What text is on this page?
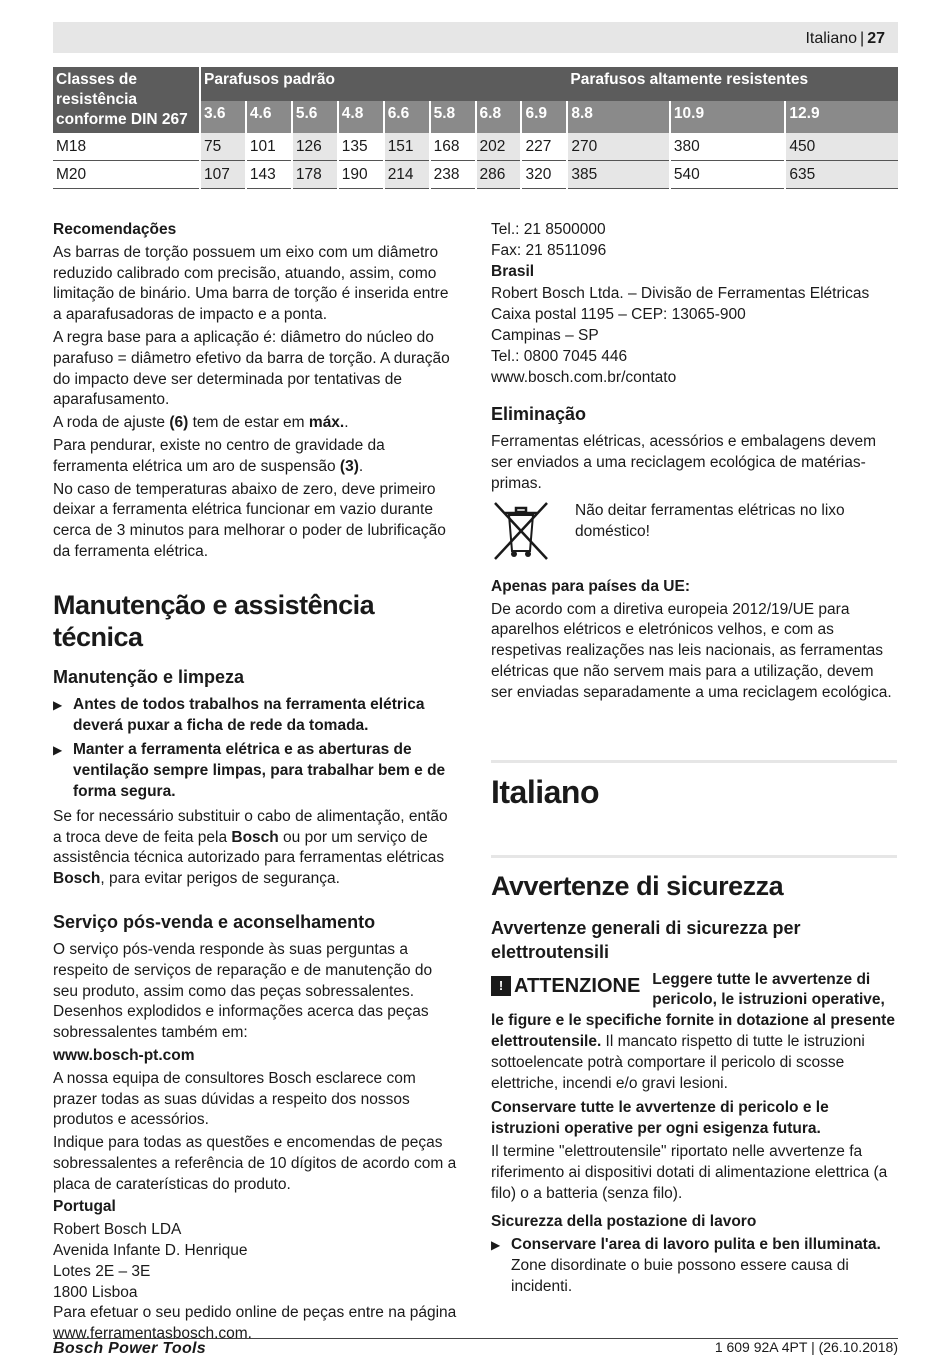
Italiano | 27
Classes de resistência conforme DIN 267	Parafusos padrão								Parafusos altamente resistentes		
	3.6	4.6	5.6	4.8	6.6	5.8	6.8	6.9	8.8	10.9	12.9
M18	75	101	126	135	151	168	202	227	270	380	450
M20	107	143	178	190	214	238	286	320	385	540	635

Recomendações

As barras de torção possuem um eixo com um diâmetro reduzido calibrado com precisão, atuando, assim, como limitação de binário. Uma barra de torção é inserida entre a aparafusadoras de impacto e a ponta.

A regra base para a aplicação é: diâmetro do núcleo do parafuso = diâmetro efetivo da barra de torção. A duração do impacto deve ser determinada por tentativas de aparafusamento.

A roda de ajuste (6) tem de estar em máx..

Para pendurar, existe no centro de gravidade da ferramenta elétrica um aro de suspensão (3).

No caso de temperaturas abaixo de zero, deve primeiro deixar a ferramenta elétrica funcionar em vazio durante cerca de 3 minutos para melhorar o poder de lubrificação da ferramenta elétrica.

Manutenção e assistência técnica
Manutenção e limpeza
▶ Antes de todos trabalhos na ferramenta elétrica deverá puxar a ficha de rede da tomada.
▶ Manter a ferramenta elétrica e as aberturas de ventilação sempre limpas, para trabalhar bem e de forma segura.

Se for necessário substituir o cabo de alimentação, então a troca deve de feita pela Bosch ou por um serviço de assistência técnica autorizado para ferramentas elétricas Bosch, para evitar perigos de segurança.

Serviço pós-venda e aconselhamento

O serviço pós-venda responde às suas perguntas a respeito de serviços de reparação e de manutenção do seu produto, assim como das peças sobressalentes. Desenhos explodidos e informações acerca das peças sobressalentes também em:

www.bosch-pt.com

A nossa equipa de consultores Bosch esclarece com prazer todas as suas dúvidas a respeito dos nossos produtos e acessórios.

Indique para todas as questões e encomendas de peças sobressalentes a referência de 10 dígitos de acordo com a placa de caraterísticas do produto.

Portugal

Robert Bosch LDA
Avenida Infante D. Henrique
Lotes 2E – 3E
1800 Lisboa
Para efetuar o seu pedido online de peças entre na página www.ferramentasbosch.com.
Tel.: 21 8500000
Fax: 21 8511096

Brasil

Robert Bosch Ltda. – Divisão de Ferramentas Elétricas
Caixa postal 1195 – CEP: 13065-900
Campinas – SP
Tel.: 0800 7045 446
www.bosch.com.br/contato
Eliminação

Ferramentas elétricas, acessórios e embalagens devem ser enviados a uma reciclagem ecológica de matérias-primas.

Não deitar ferramentas elétricas no lixo doméstico!

Apenas para países da UE:

De acordo com a diretiva europeia 2012/19/UE para aparelhos elétricos e eletrónicos velhos, e com as respetivas realizações nas leis nacionais, as ferramentas elétricas que não servem mais para a utilização, devem ser enviadas separadamente a uma reciclagem ecológica.

Italiano
Avvertenze di sicurezza
Avvertenze generali di sicurezza per elettroutensili
! ATTENZIONE Leggere tutte le avvertenze di pericolo, le istruzioni operative, le figure e le specifiche fornite in dotazione al presente elettroutensile. Il mancato rispetto di tutte le istruzioni sottoelencate potrà comportare il pericolo di scosse elettriche, incendi e/o gravi lesioni.

Conservare tutte le avvertenze di pericolo e le istruzioni operative per ogni esigenza futura.

Il termine "elettroutensile" riportato nelle avvertenze fa riferimento ai dispositivi dotati di alimentazione elettrica (a filo) o a batteria (senza filo).

Sicurezza della postazione di lavoro

▶ Conservare l'area di lavoro pulita e ben illuminata. Zone disordinate o buie possono essere causa di incidenti.
Bosch Power Tools	1 609 92A 4PT | (26.10.2018)
